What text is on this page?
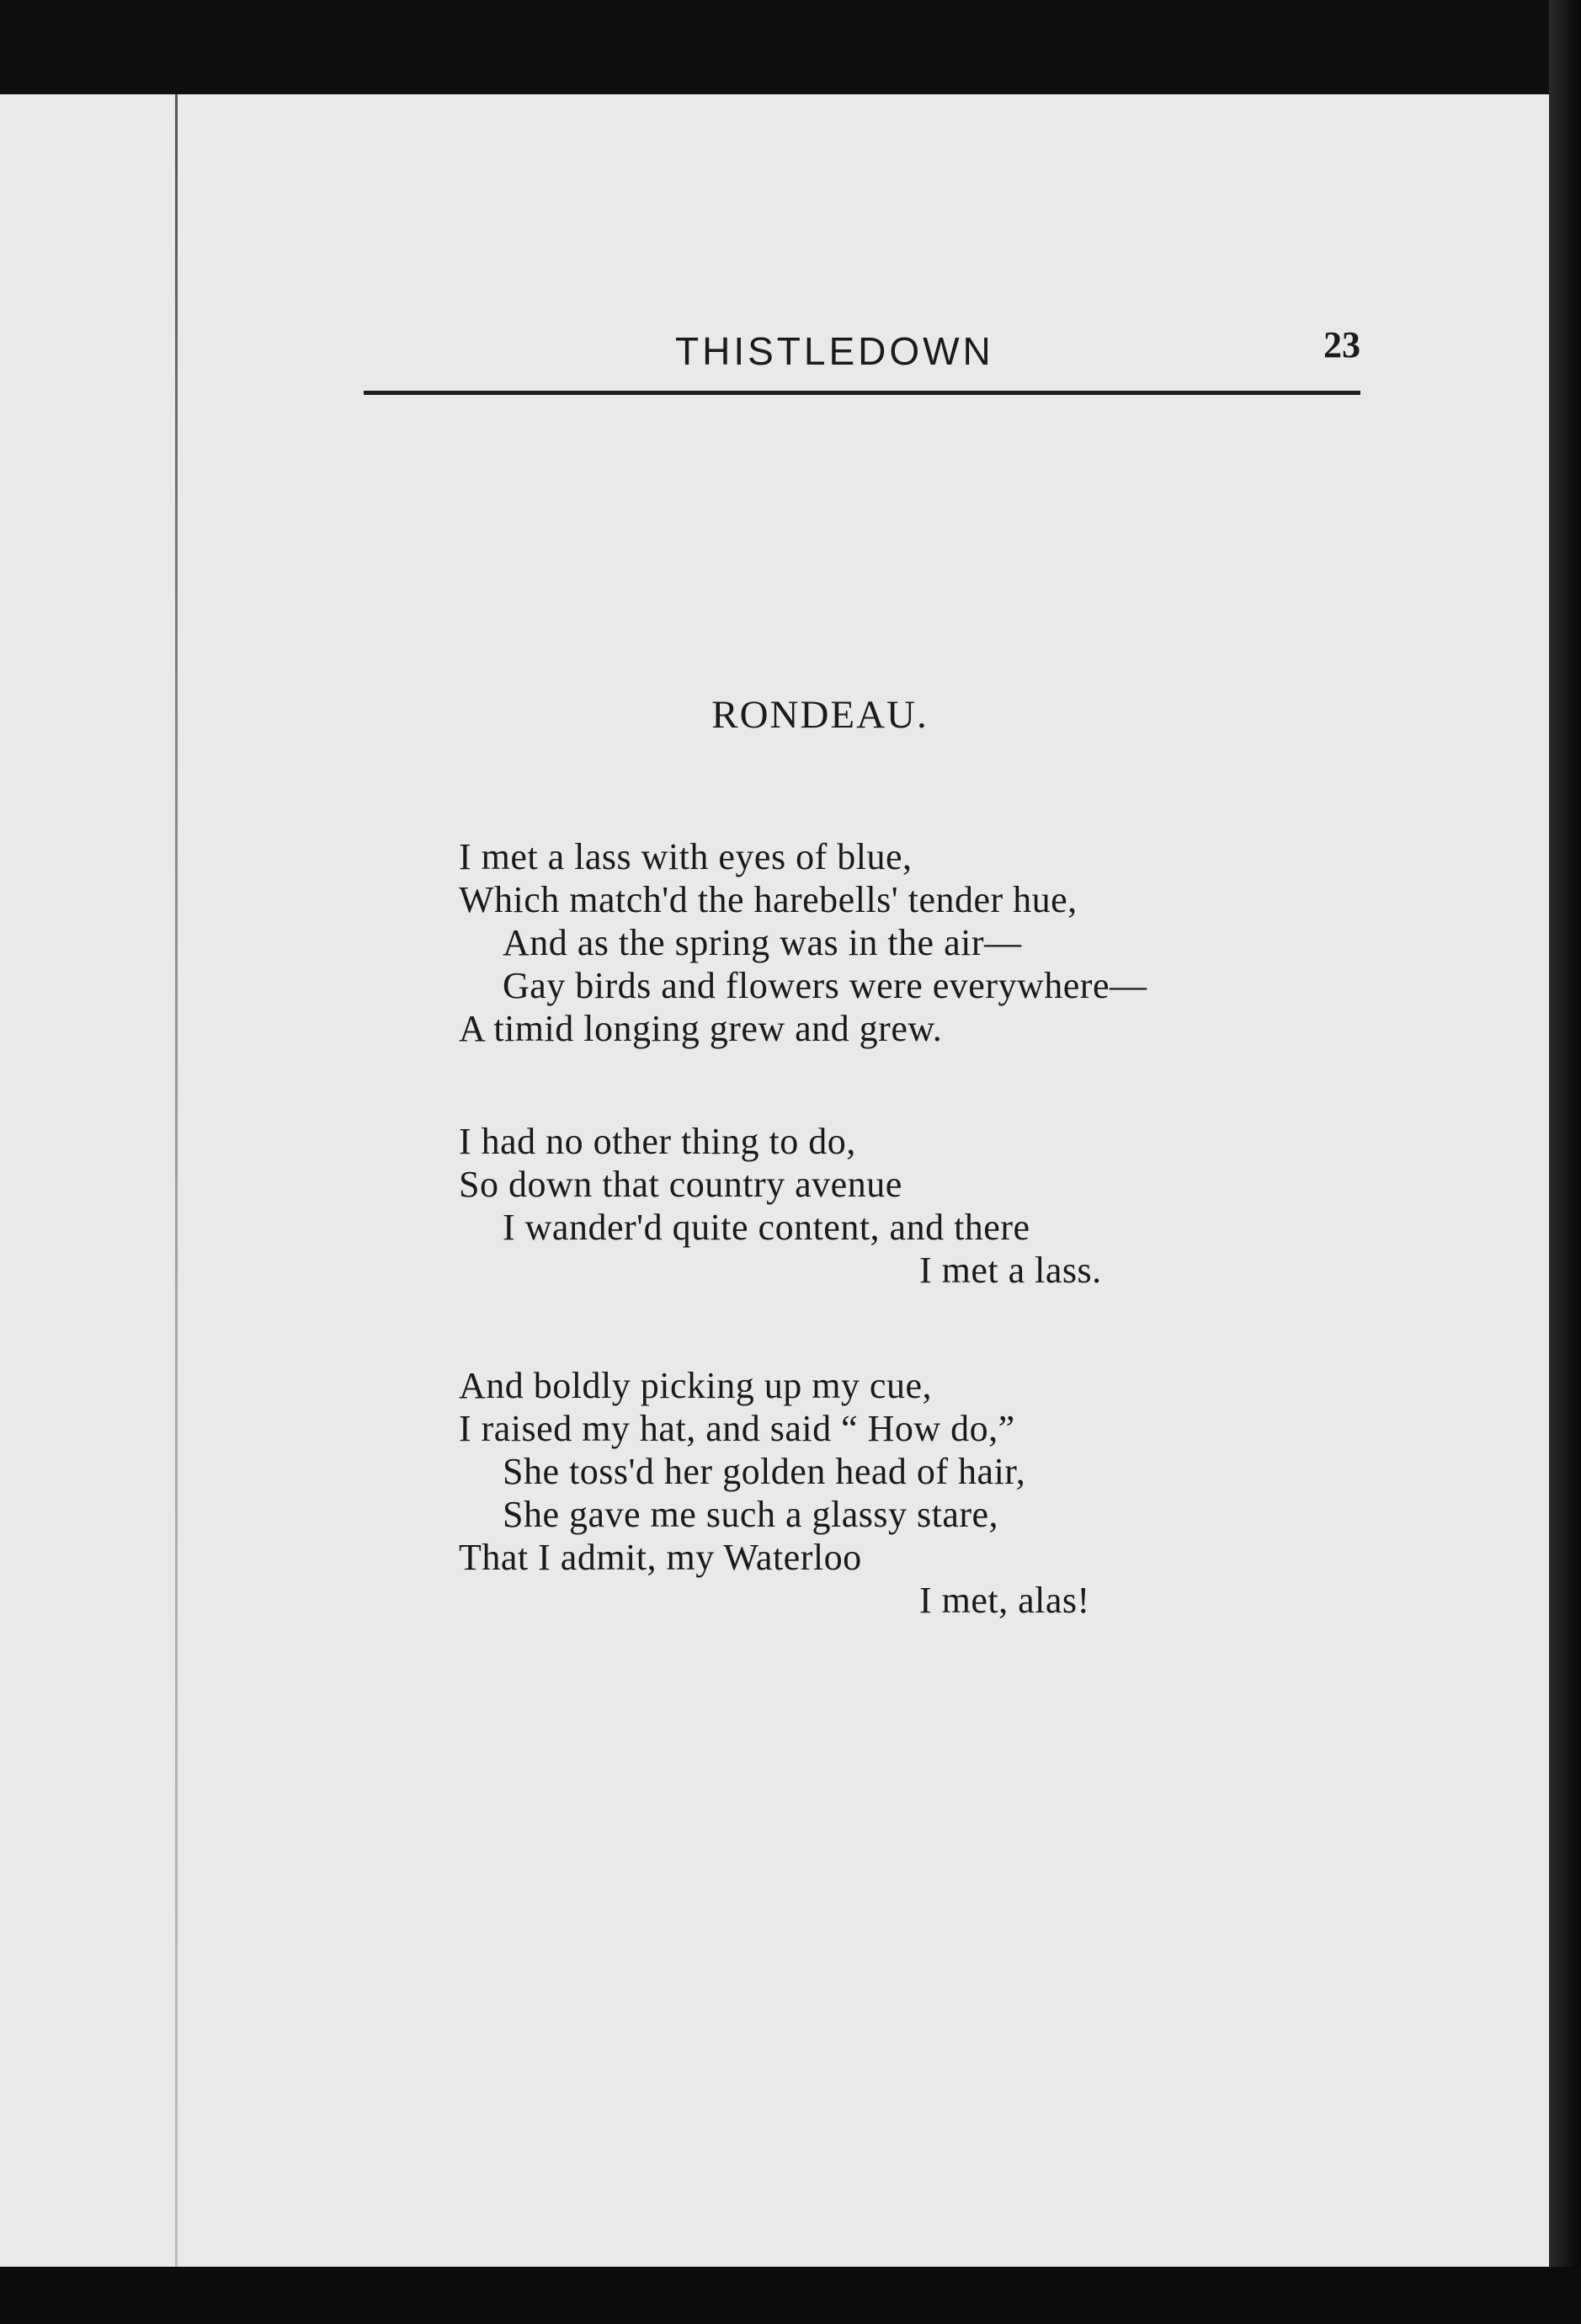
THISTLEDOWN	23
RONDEAU.
I met a lass with eyes of blue,
Which match'd the harebells' tender hue,
And as the spring was in the air—
Gay birds and flowers were everywhere—
A timid longing grew and grew.
I had no other thing to do,
So down that country avenue
I wander'd quite content, and there
I met a lass.
And boldly picking up my cue,
I raised my hat, and said “ How do,”
She toss'd her golden head of hair,
She gave me such a glassy stare,
That I admit, my Waterloo
I met, alas!
